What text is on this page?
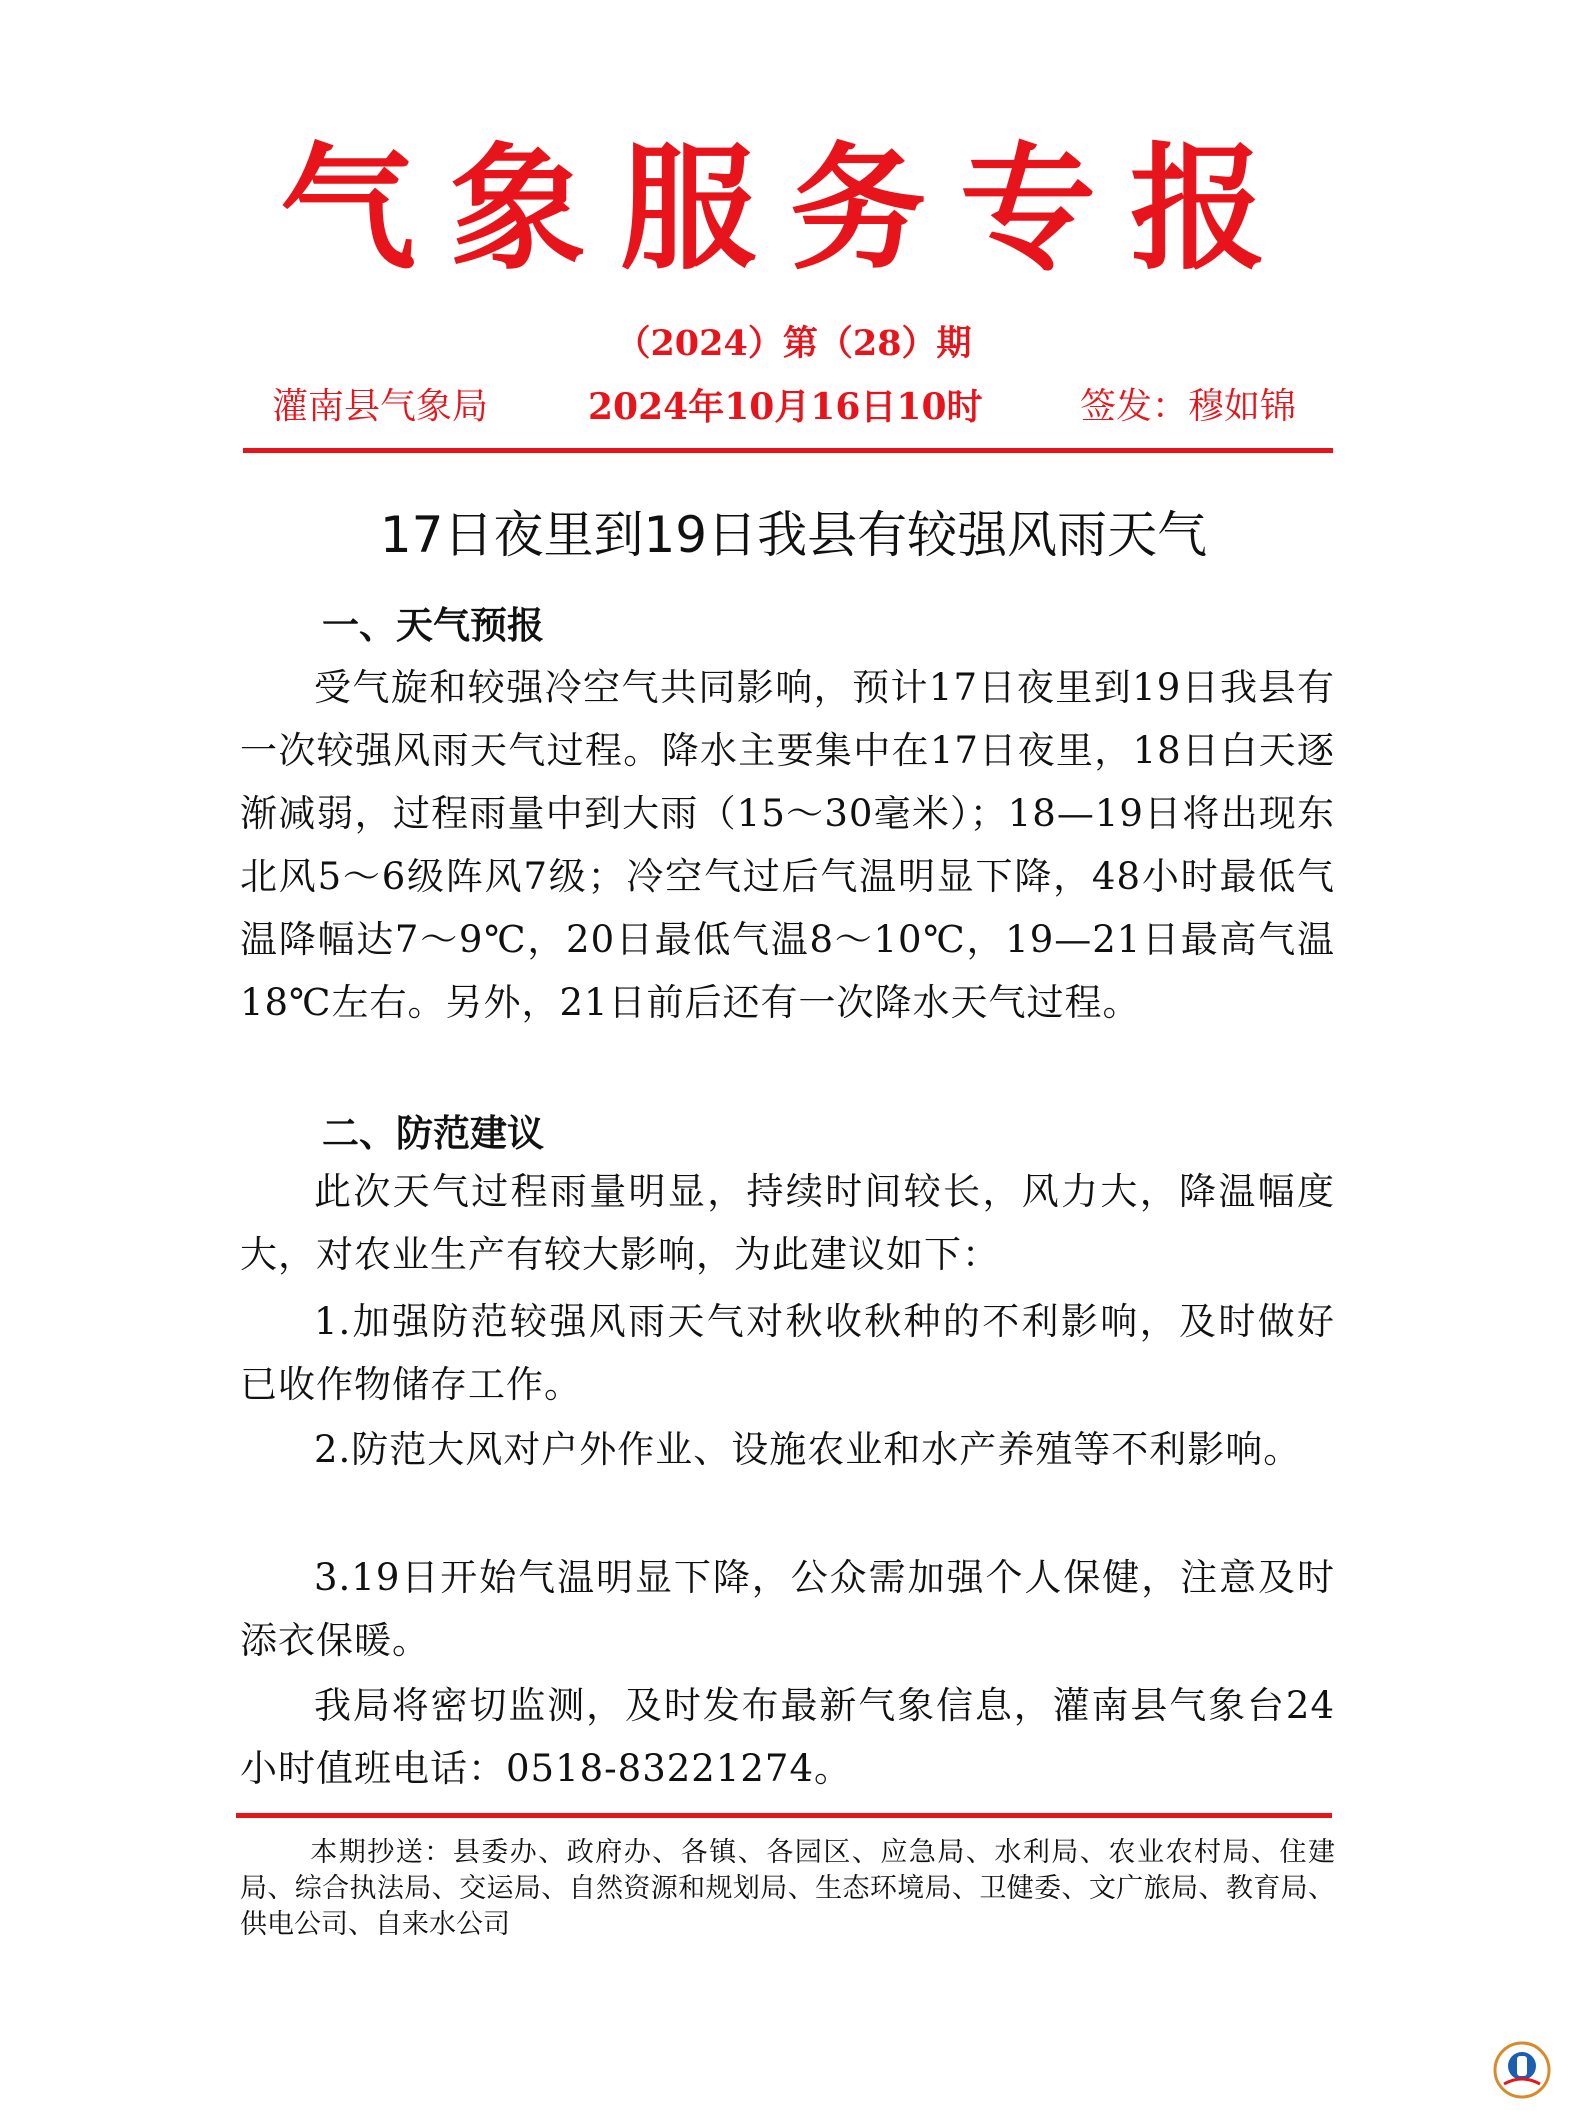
气象服务专报
（2024）第（28）期
灌南县气象局	2024年10月16日10时	签发：穆如锦
17日夜里到19日我县有较强风雨天气
一、天气预报
受气旋和较强冷空气共同影响，预计17日夜里到19日我县有一次较强风雨天气过程。降水主要集中在17日夜里，18日白天逐渐减弱，过程雨量中到大雨（15～30毫米）；18—19日将出现东北风5～6级阵风7级；冷空气过后气温明显下降，48小时最低气温降幅达7～9℃，20日最低气温8～10℃，19—21日最高气温18℃左右。另外，21日前后还有一次降水天气过程。
二、防范建议
此次天气过程雨量明显，持续时间较长，风力大，降温幅度大，对农业生产有较大影响，为此建议如下：
1.加强防范较强风雨天气对秋收秋种的不利影响，及时做好已收作物储存工作。
2.防范大风对户外作业、设施农业和水产养殖等不利影响。
3.19日开始气温明显下降，公众需加强个人保健，注意及时添衣保暖。
我局将密切监测，及时发布最新气象信息，灌南县气象台24小时值班电话：0518-83221274。
本期抄送：县委办、政府办、各镇、各园区、应急局、水利局、农业农村局、住建局、综合执法局、交运局、自然资源和规划局、生态环境局、卫健委、文广旅局、教育局、供电公司、自来水公司
